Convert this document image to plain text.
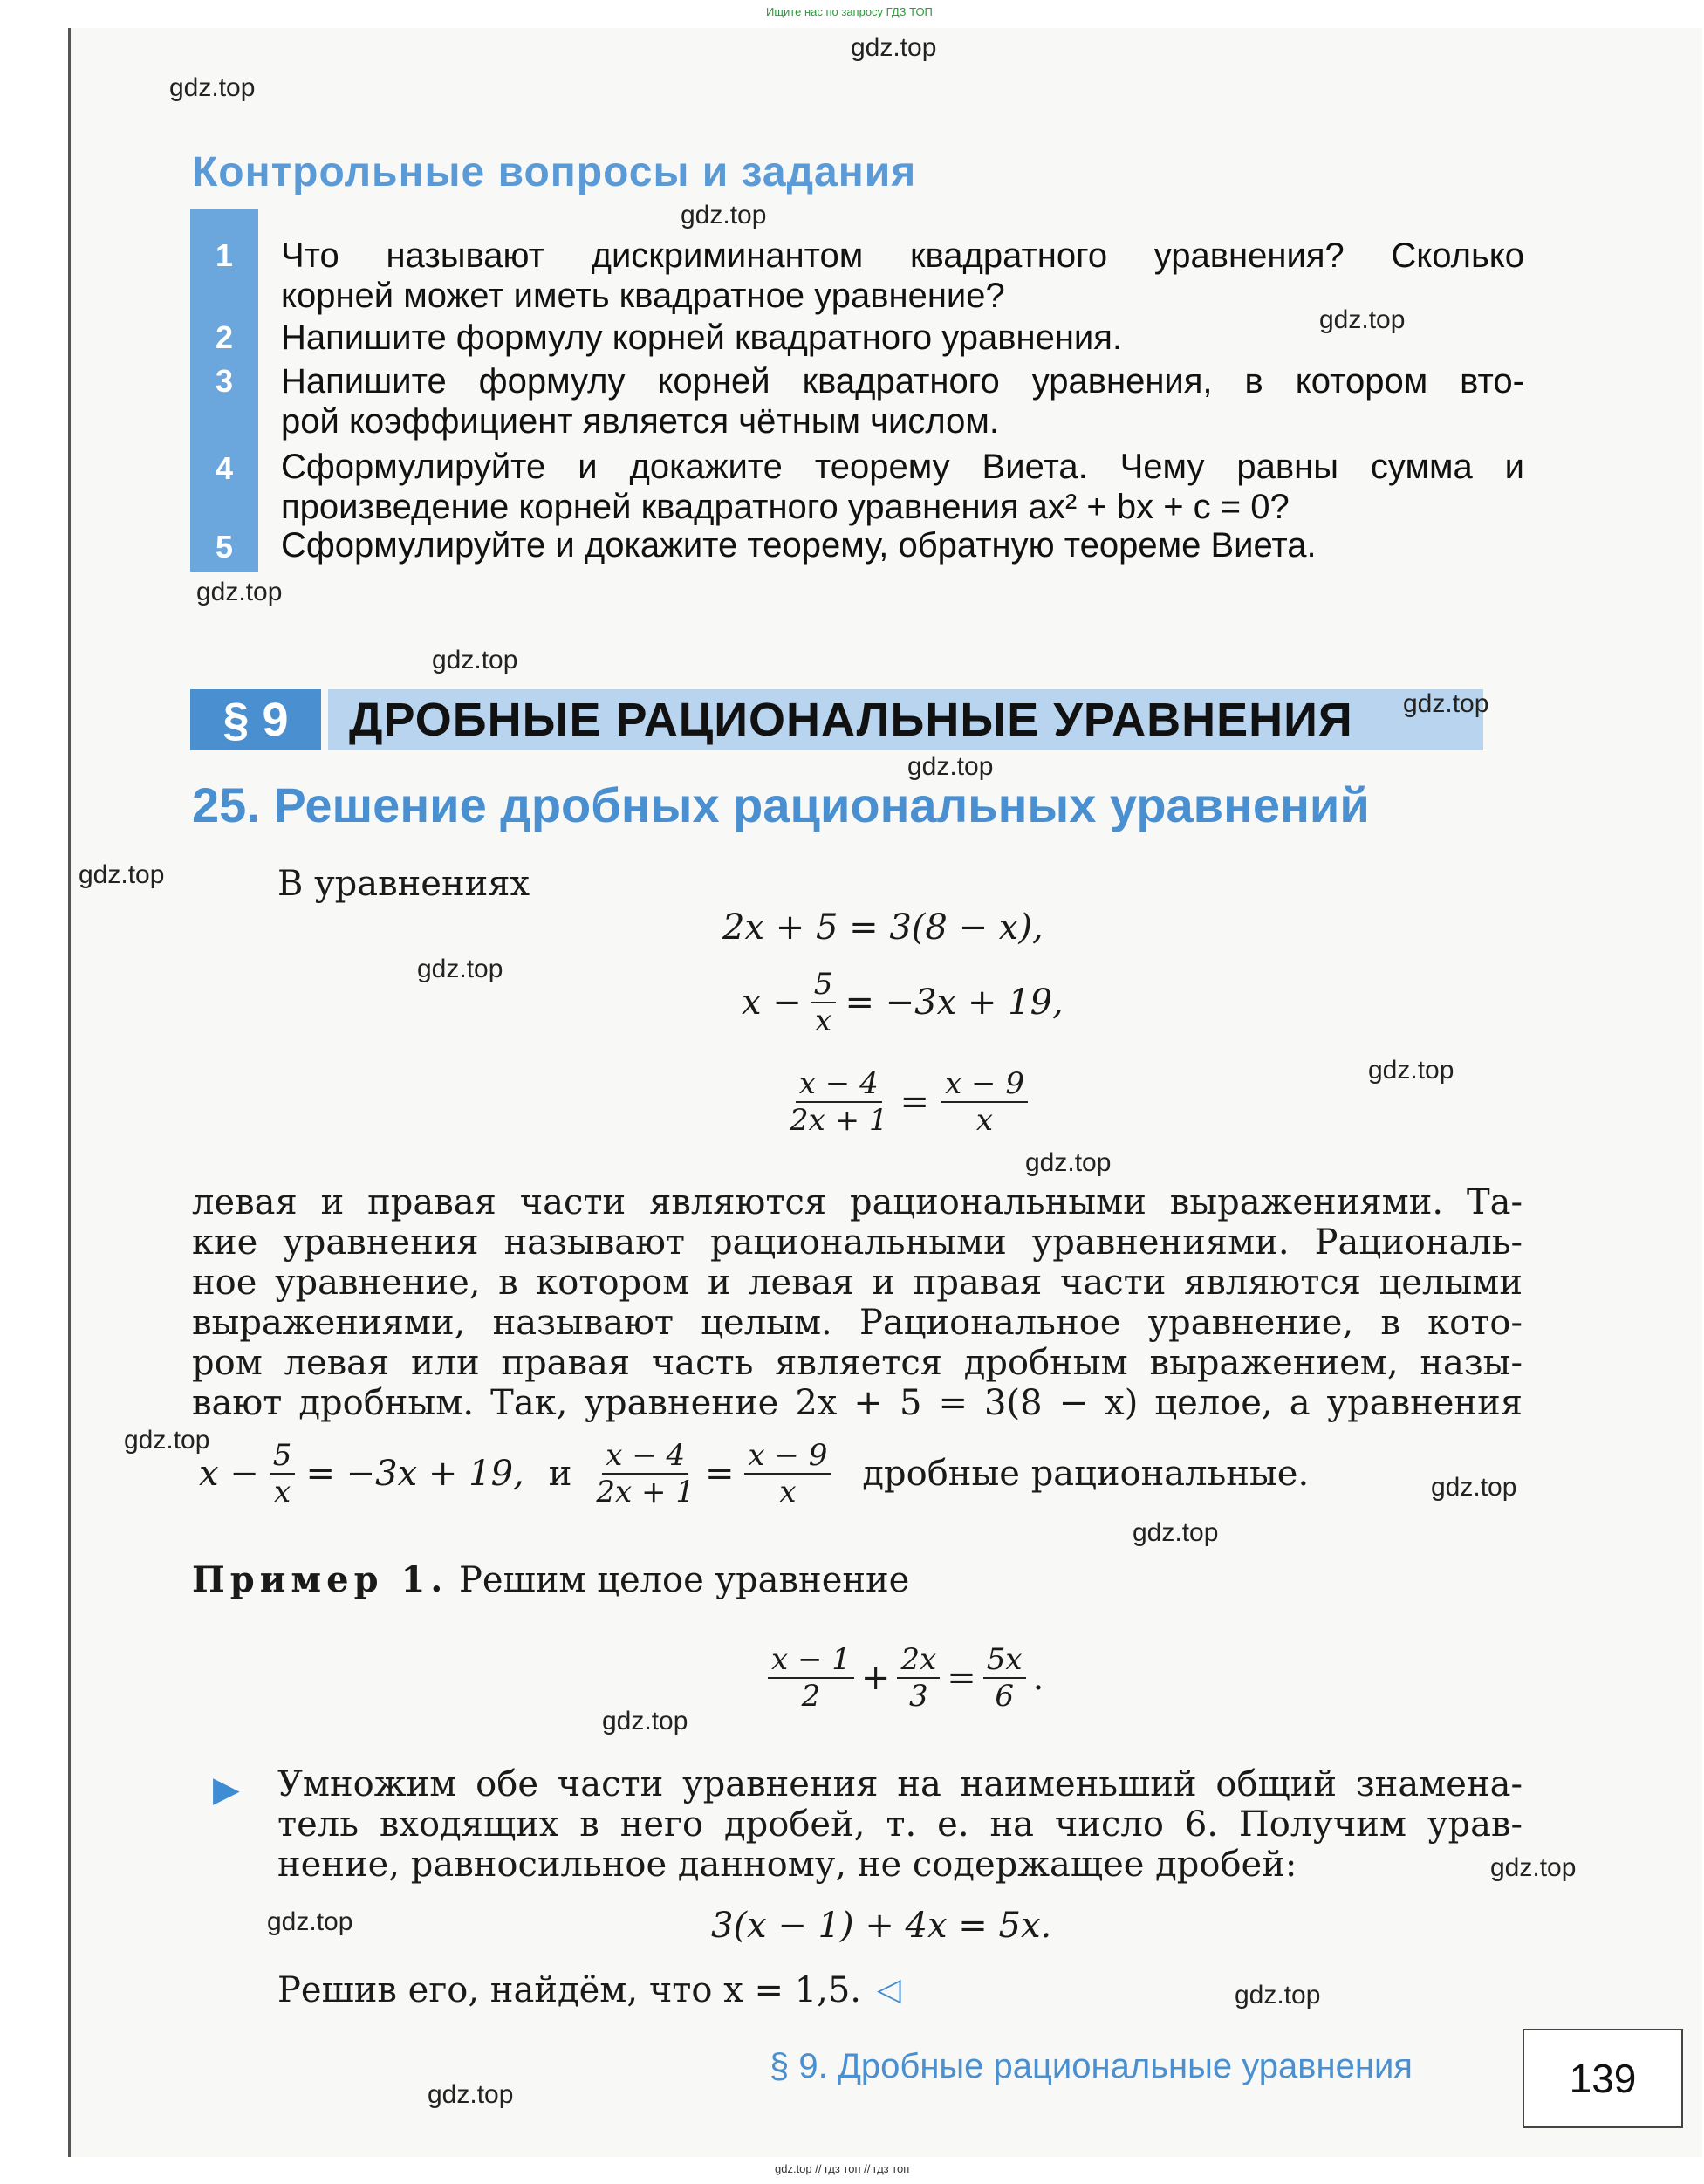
Ищите нас по запросу ГДЗ ТОП
Контрольные вопросы и задания
1	Что называют дискриминантом квадратного уравнения? Сколько
корней может иметь квадратное уравнение?
2	Напишите формулу корней квадратного уравнения.
3	Напишите формулу корней квадратного уравнения, в котором вто-
рой коэффициент является чётным числом.
4	Сформулируйте и докажите теорему Виета. Чему равны сумма и
произведение корней квадратного уравнения ax² + bx + c = 0?
5	Сформулируйте и докажите теорему, обратную теореме Виета.
§ 9	ДРОБНЫЕ РАЦИОНАЛЬНЫЕ УРАВНЕНИЯ
25. Решение дробных рациональных уравнений
В уравнениях
2x + 5 = 3(8 − x),
$x - \frac{5}{x} = -3x + 19$,
$\frac{x - 4}{2x + 1} = \frac{x - 9}{x}$
левая и правая части являются рациональными выражениями. Та-
кие уравнения называют рациональными уравнениями. Рациональ-
ное уравнение, в котором и левая и правая части являются целыми
выражениями, называют целым. Рациональное уравнение, в кото-
ром левая или правая часть является дробным выражением, назы-
вают дробным. Так, уравнение 2x + 5 = 3(8 − x) целое, а уравнения
$x - \frac{5}{x} = -3x + 19$, и $\frac{x - 4}{2x + 1} = \frac{x - 9}{x}$ дробные рациональные.
Пример 1. Решим целое уравнение
$\frac{x - 1}{2} + \frac{2x}{3} = \frac{5x}{6}$ .
▶ Умножим обе части уравнения на наименьший общий знамена-
тель входящих в него дробей, т. е. на число 6. Получим урав-
нение, равносильное данному, не содержащее дробей:
3(x − 1) + 4x = 5x.
Решив его, найдём, что x = 1,5. ◁
§ 9. Дробные рациональные уравнения	139
gdz.top // гдз топ // гдз топ
gdz.top
gdz.top
gdz.top
gdz.top
gdz.top
gdz.top
gdz.top
gdz.top
gdz.top
gdz.top
gdz.top
gdz.top
gdz.top
gdz.top
gdz.top
gdz.top
gdz.top
gdz.top
gdz.top
gdz.top
